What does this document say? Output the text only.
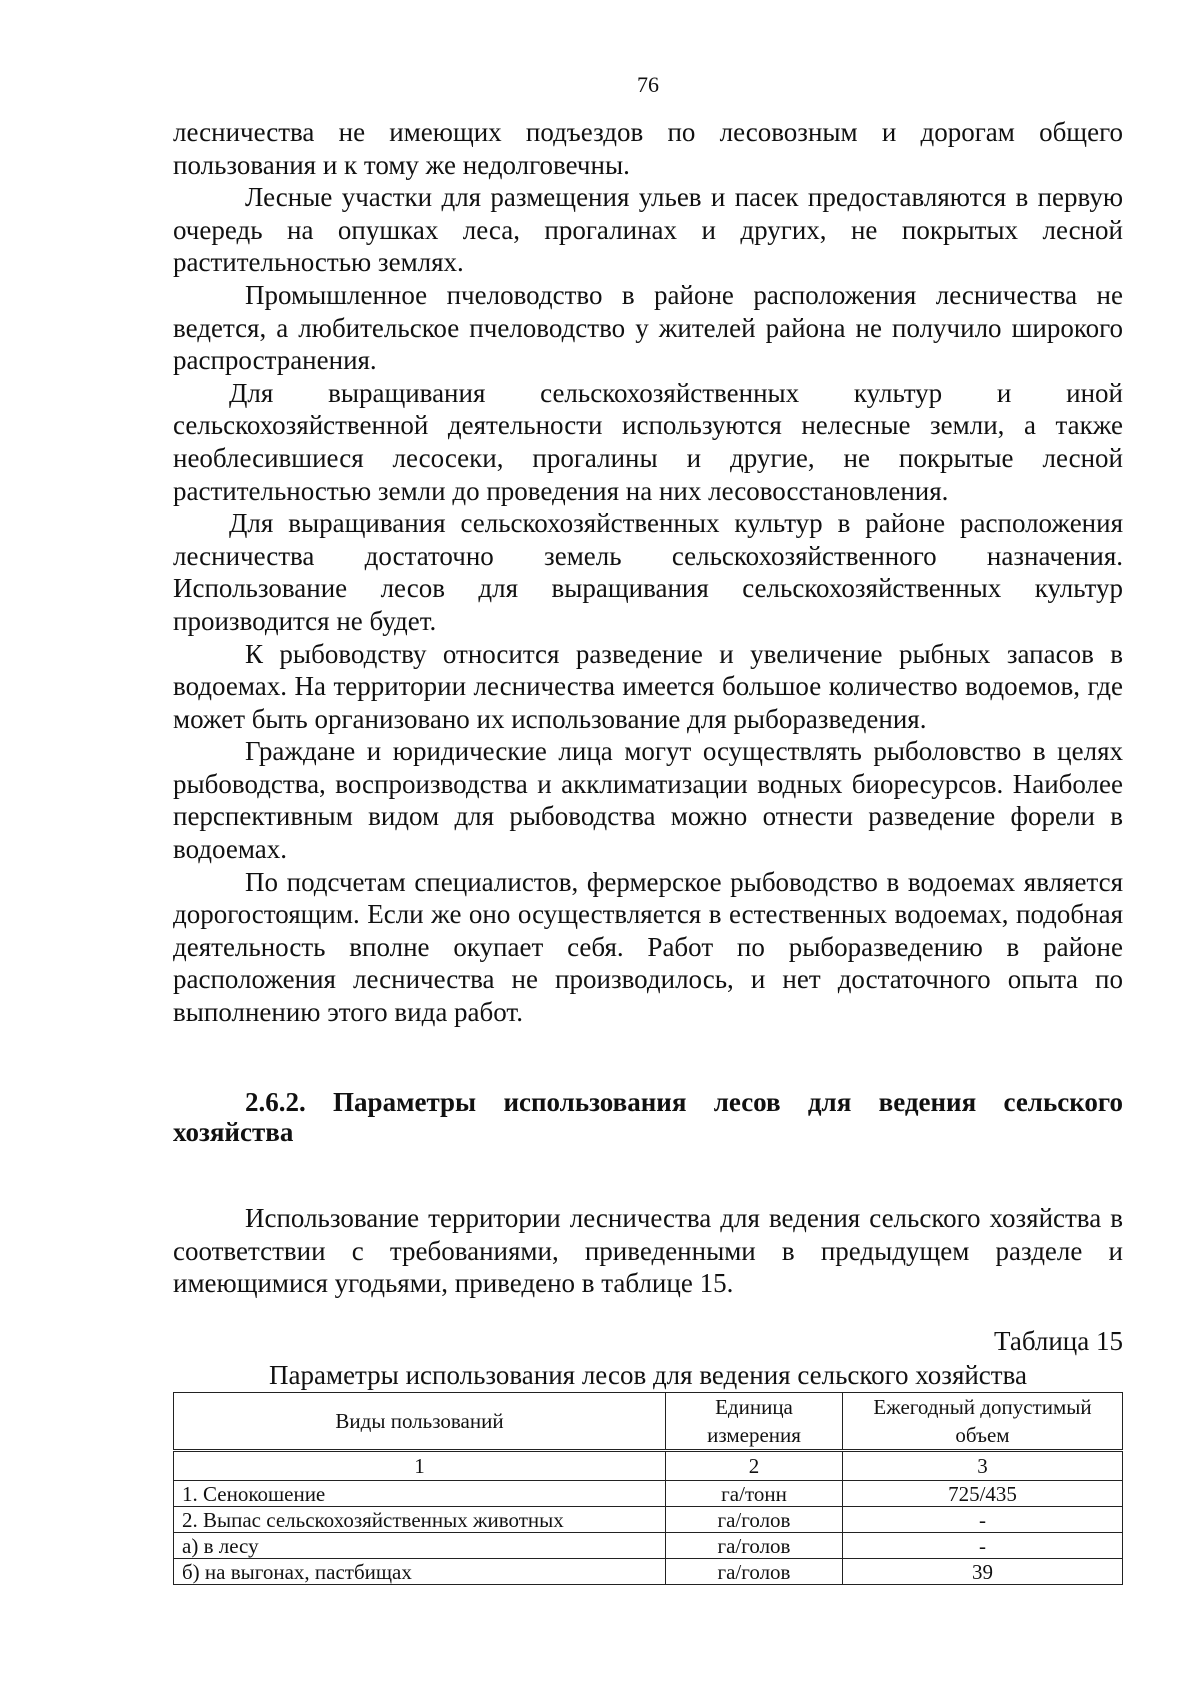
76

лесничества не имеющих подъездов по лесовозным и дорогам общего пользования и к тому же недолговечны.

Лесные участки для размещения ульев и пасек предоставляются в первую очередь на опушках леса, прогалинах и других, не покрытых лесной растительностью землях.

Промышленное пчеловодство в районе расположения лесничества не ведется, а любительское пчеловодство у жителей района не получило широкого распространения.

Для выращивания сельскохозяйственных культур и иной сельскохозяйственной деятельности используются нелесные земли, а также необлесившиеся лесосеки, прогалины и другие, не покрытые лесной растительностью земли до проведения на них лесовосстановления.

Для выращивания сельскохозяйственных культур в районе расположения лесничества достаточно земель сельскохозяйственного назначения. Использование лесов для выращивания сельскохозяйственных культур производится не будет.

К рыбоводству относится разведение и увеличение рыбных запасов в водоемах. На территории лесничества имеется большое количество водоемов, где может быть организовано их использование для рыборазведения.

Граждане и юридические лица могут осуществлять рыболовство в целях рыбоводства, воспроизводства и акклиматизации водных биоресурсов. Наиболее перспективным видом для рыбоводства можно отнести разведение форели в водоемах.

По подсчетам специалистов, фермерское рыбоводство в водоемах является дорогостоящим. Если же оно осуществляется в естественных водоемах, подобная деятельность вполне окупает себя. Работ по рыборазведению в районе расположения лесничества не производилось, и нет достаточного опыта по выполнению этого вида работ.

2.6.2. Параметры использования лесов для ведения сельского хозяйства

Использование территории лесничества для ведения сельского хозяйства в соответствии с требованиями, приведенными в предыдущем разделе и имеющимися угодьями, приведено в таблице 15.

Таблица 15
Параметры использования лесов для ведения сельского хозяйства
Виды пользований	Единица измерения	Ежегодный допустимый объем
1	2	3
1. Сенокошение	га/тонн	725/435
2. Выпас сельскохозяйственных животных	га/голов	-
а) в лесу	га/голов	-
б) на выгонах, пастбищах	га/голов	39
